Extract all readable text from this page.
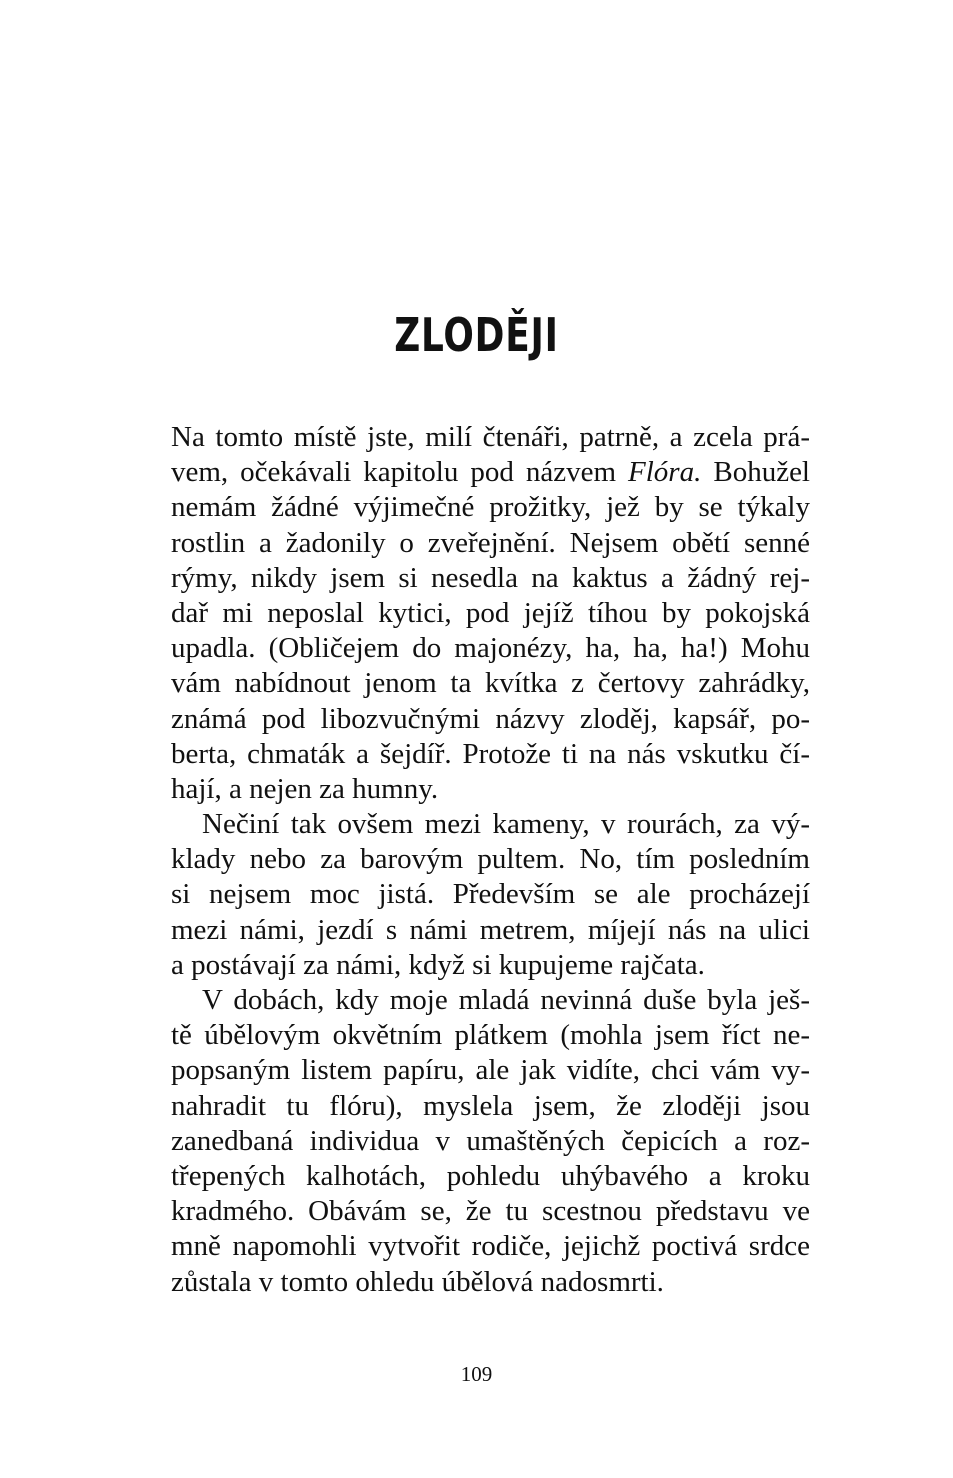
ZLODĚJI

Na tomto místě jste, milí čtenáři, patrně, a zcela prá-
vem, očekávali kapitolu pod názvem Flóra. Bohužel
nemám žádné výjimečné prožitky, jež by se týkaly
rostlin a žadonily o zveřejnění. Nejsem obětí senné
rýmy, nikdy jsem si nesedla na kaktus a žádný rej-
dař mi neposlal kytici, pod jejíž tíhou by pokojská
upadla. (Obličejem do majonézy, ha, ha, ha!) Mohu
vám nabídnout jenom ta kvítka z čertovy zahrádky,
známá pod libozvučnými názvy zloděj, kapsář, po-
berta, chmaták a šejdíř. Protože ti na nás vskutku čí-
hají, a nejen za humny.

Nečiní tak ovšem mezi kameny, v rourách, za vý-
klady nebo za barovým pultem. No, tím posledním
si nejsem moc jistá. Především se ale procházejí
mezi námi, jezdí s námi metrem, míjejí nás na ulici
a postávají za námi, když si kupujeme rajčata.

V dobách, kdy moje mladá nevinná duše byla ješ-
tě úbělovým okvětním plátkem (mohla jsem říct ne-
popsaným listem papíru, ale jak vidíte, chci vám vy-
nahradit tu flóru), myslela jsem, že zloději jsou
zanedbaná individua v umaštěných čepicích a roz-
třepených kalhotách, pohledu uhýbavého a kroku
kradmého. Obávám se, že tu scestnou představu ve
mně napomohli vytvořit rodiče, jejichž poctivá srdce
zůstala v tomto ohledu úbělová nadosmrti.

109
